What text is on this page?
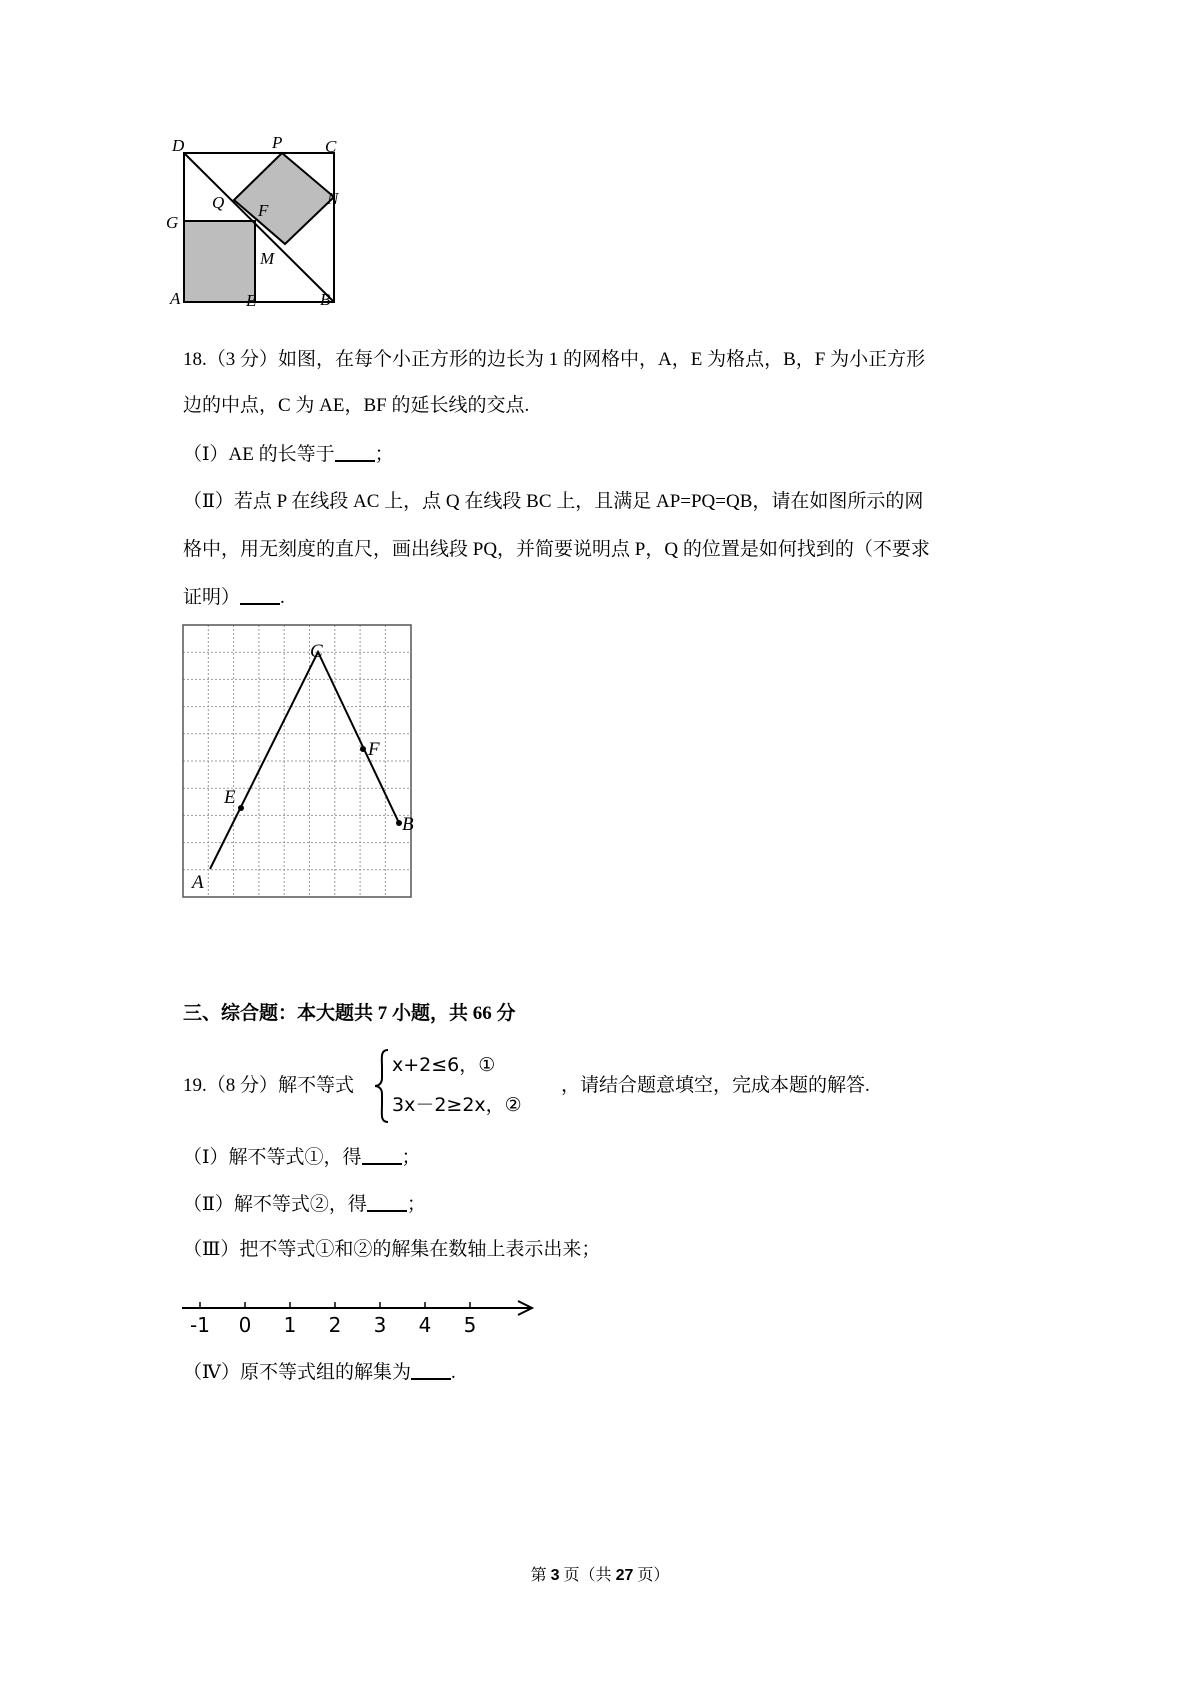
D	P	C
G
Q F
N
M
A	E	B
18.（3 分）如图，在每个小正方形的边长为 1 的网格中，A，E 为格点，B，F 为小正方形
边的中点，C 为 AE，BF 的延长线的交点.
（Ⅰ）AE 的长等于 ；
（Ⅱ）若点 P 在线段 AC 上，点 Q 在线段 BC 上，且满足 AP=PQ=QB，请在如图所示的网
格中，用无刻度的直尺，画出线段 PQ，并简要说明点 P，Q 的位置是如何找到的（不要求
证明） .
C
F
E
B
A
三、综合题：本大题共 7 小题，共 66 分
19.（8 分）解不等式
x+2≤6，①
3x－2≥2x，②
，请结合题意填空，完成本题的解答.
（Ⅰ）解不等式①，得 ；
（Ⅱ）解不等式②，得 ；
（Ⅲ）把不等式①和②的解集在数轴上表示出来；
-1 0 1 2 3 4 5
（Ⅳ）原不等式组的解集为 .
第 3 页（共 27 页）
